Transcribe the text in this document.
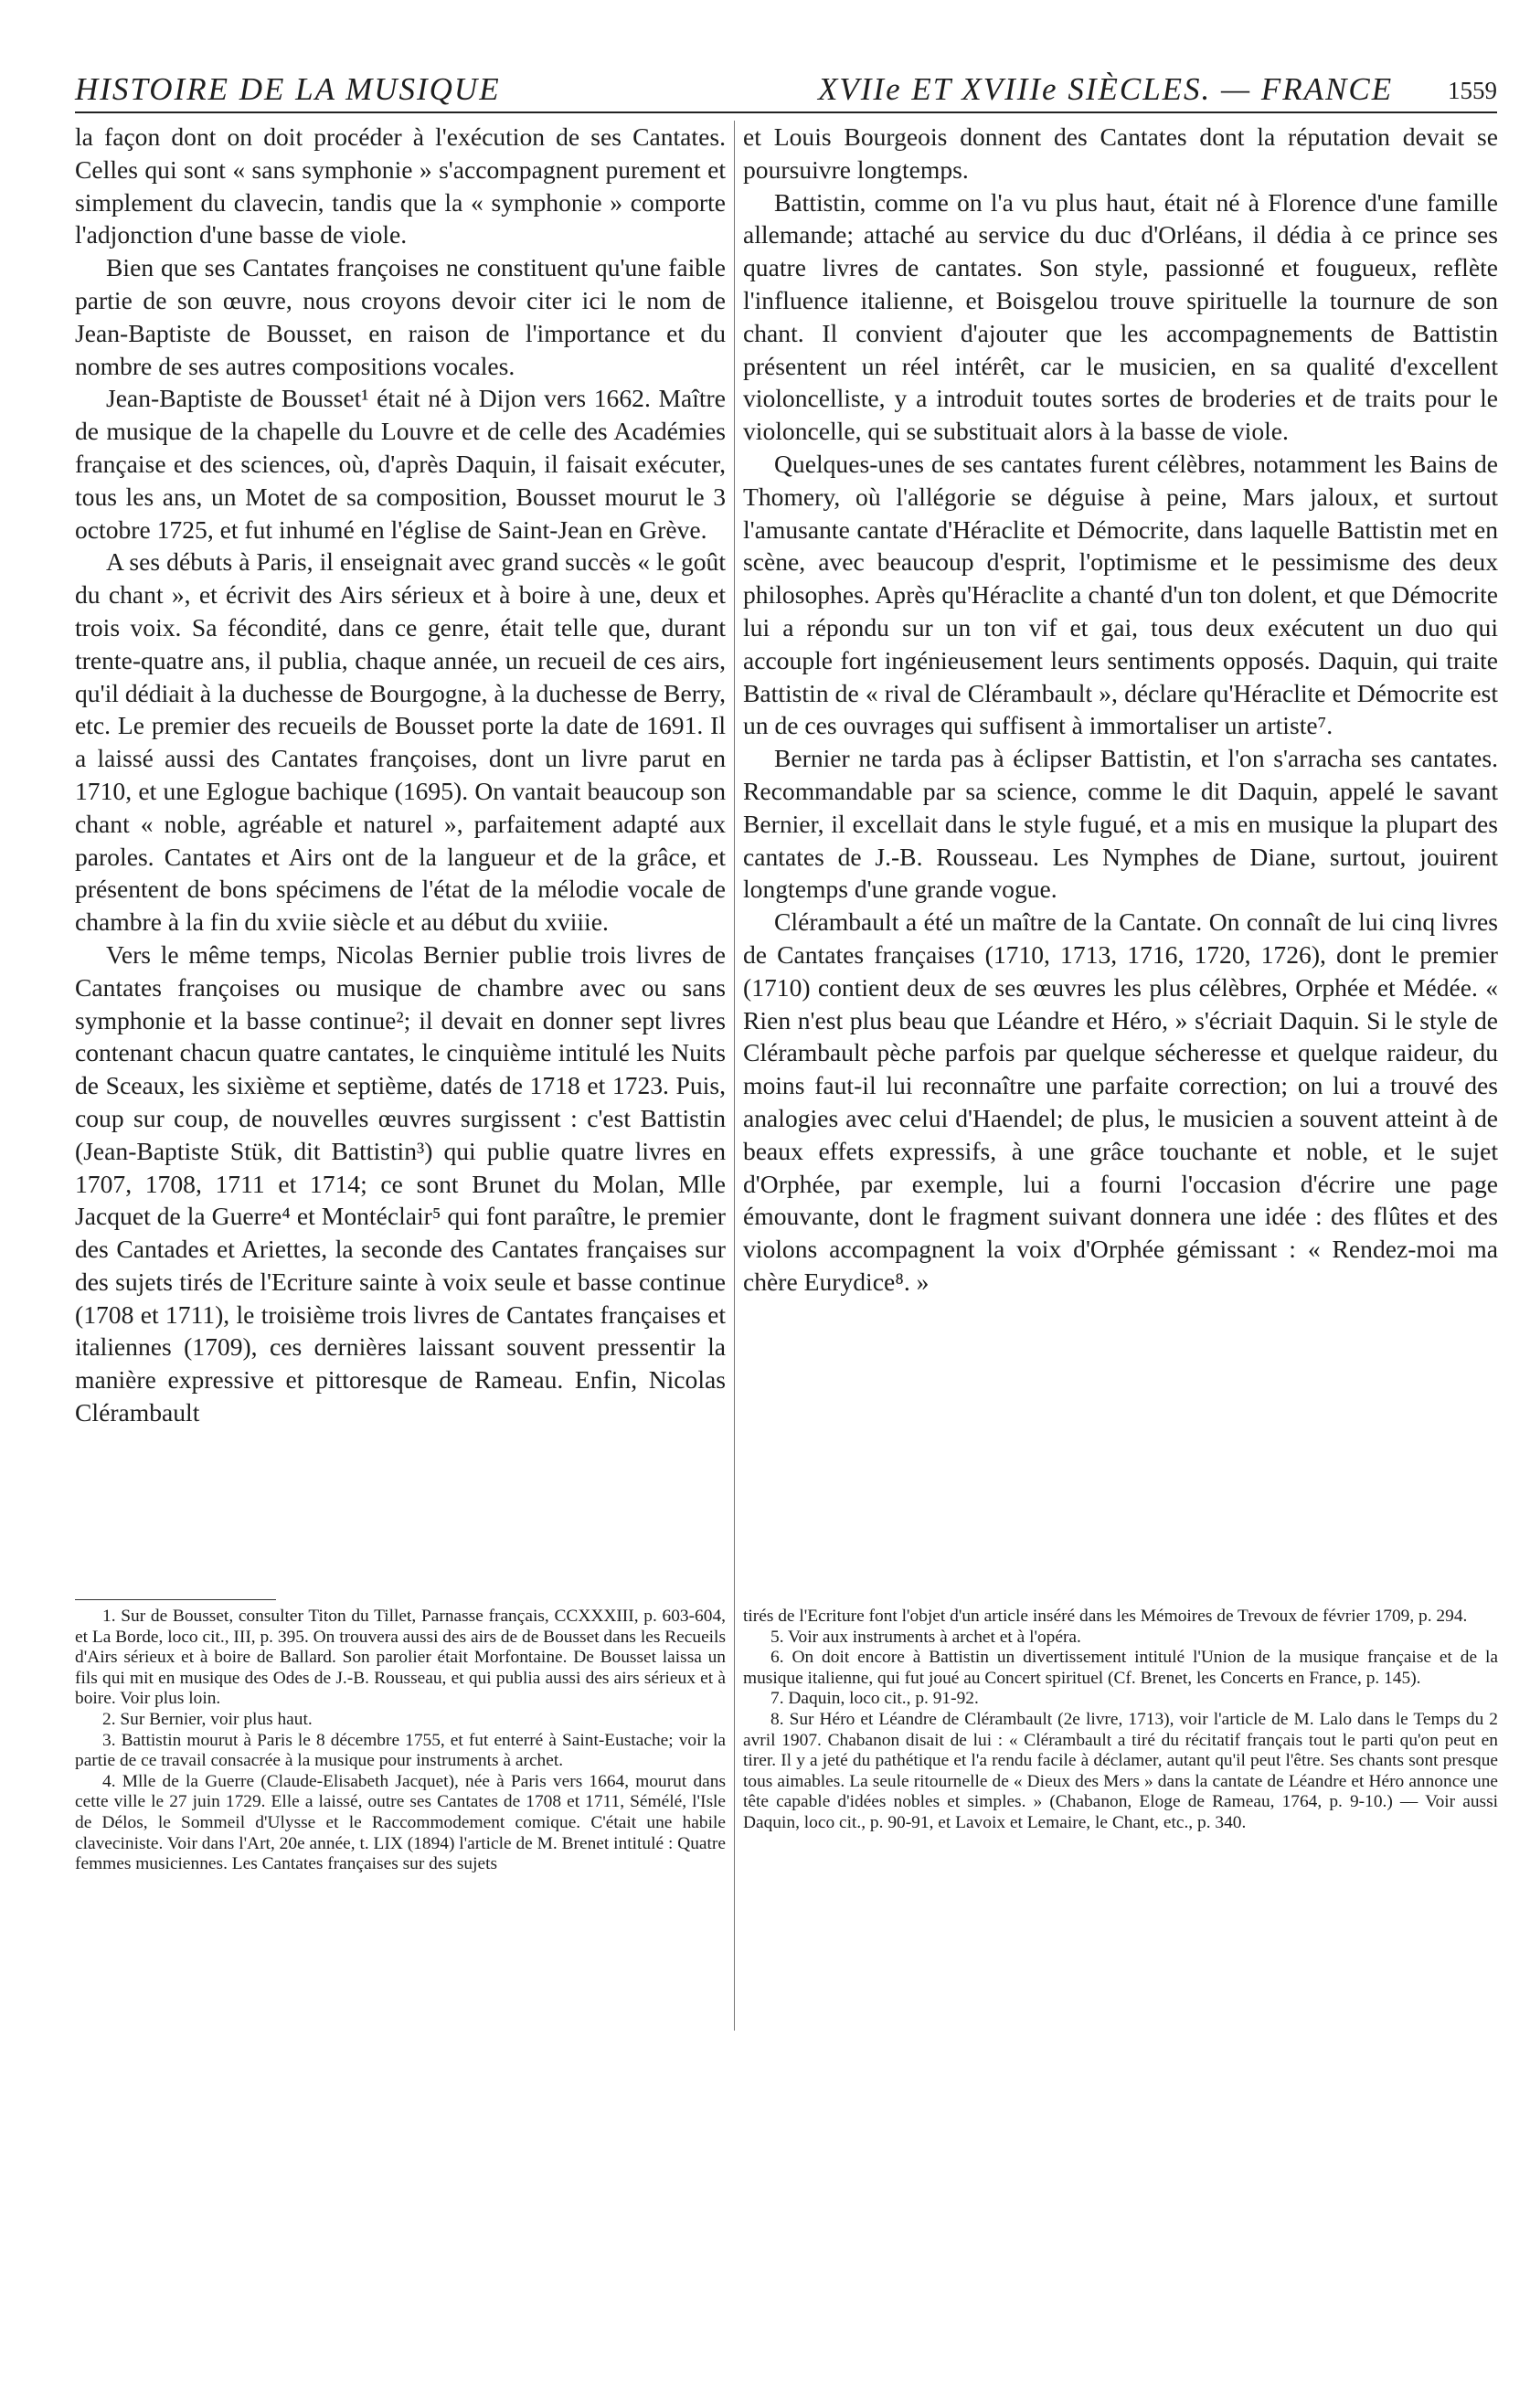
HISTOIRE DE LA MUSIQUE	XVIIe ET XVIIIe SIÈCLES. — FRANCE 1559

la façon dont on doit procéder à l'exécution de ses Cantates. Celles qui sont « sans symphonie » s'accompagnent purement et simplement du clavecin, tandis que la « symphonie » comporte l'adjonction d'une basse de viole.

Bien que ses Cantates françoises ne constituent qu'une faible partie de son œuvre, nous croyons devoir citer ici le nom de Jean-Baptiste de Bousset, en raison de l'importance et du nombre de ses autres compositions vocales.

Jean-Baptiste de Bousset¹ était né à Dijon vers 1662. Maître de musique de la chapelle du Louvre et de celle des Académies française et des sciences, où, d'après Daquin, il faisait exécuter, tous les ans, un Motet de sa composition, Bousset mourut le 3 octobre 1725, et fut inhumé en l'église de Saint-Jean en Grève.

A ses débuts à Paris, il enseignait avec grand succès « le goût du chant », et écrivit des Airs sérieux et à boire à une, deux et trois voix. Sa fécondité, dans ce genre, était telle que, durant trente-quatre ans, il publia, chaque année, un recueil de ces airs, qu'il dédiait à la duchesse de Bourgogne, à la duchesse de Berry, etc. Le premier des recueils de Bousset porte la date de 1691. Il a laissé aussi des Cantates françoises, dont un livre parut en 1710, et une Eglogue bachique (1695). On vantait beaucoup son chant « noble, agréable et naturel », parfaitement adapté aux paroles. Cantates et Airs ont de la langueur et de la grâce, et présentent de bons spécimens de l'état de la mélodie vocale de chambre à la fin du xviie siècle et au début du xviiie.

Vers le même temps, Nicolas Bernier publie trois livres de Cantates françoises ou musique de chambre avec ou sans symphonie et la basse continue²; il devait en donner sept livres contenant chacun quatre cantates, le cinquième intitulé les Nuits de Sceaux, les sixième et septième, datés de 1718 et 1723. Puis, coup sur coup, de nouvelles œuvres surgissent : c'est Battistin (Jean-Baptiste Stük, dit Battistin³) qui publie quatre livres en 1707, 1708, 1711 et 1714; ce sont Brunet du Molan, Mlle Jacquet de la Guerre⁴ et Montéclair⁵ qui font paraître, le premier des Cantades et Ariettes, la seconde des Cantates françaises sur des sujets tirés de l'Ecriture sainte à voix seule et basse continue (1708 et 1711), le troisième trois livres de Cantates françaises et italiennes (1709), ces dernières laissant souvent pressentir la manière expressive et pittoresque de Rameau. Enfin, Nicolas Clérambault

et Louis Bourgeois donnent des Cantates dont la réputation devait se poursuivre longtemps.

Battistin, comme on l'a vu plus haut, était né à Florence d'une famille allemande; attaché au service du duc d'Orléans, il dédia à ce prince ses quatre livres de cantates. Son style, passionné et fougueux, reflète l'influence italienne, et Boisgelou trouve spirituelle la tournure de son chant. Il convient d'ajouter que les accompagnements de Battistin présentent un réel intérêt, car le musicien, en sa qualité d'excellent violoncelliste, y a introduit toutes sortes de broderies et de traits pour le violoncelle, qui se substituait alors à la basse de viole.

Quelques-unes de ses cantates furent célèbres, notamment les Bains de Thomery, où l'allégorie se déguise à peine, Mars jaloux, et surtout l'amusante cantate d'Héraclite et Démocrite, dans laquelle Battistin met en scène, avec beaucoup d'esprit, l'optimisme et le pessimisme des deux philosophes. Après qu'Héraclite a chanté d'un ton dolent, et que Démocrite lui a répondu sur un ton vif et gai, tous deux exécutent un duo qui accouple fort ingénieusement leurs sentiments opposés. Daquin, qui traite Battistin de « rival de Clérambault », déclare qu'Héraclite et Démocrite est un de ces ouvrages qui suffisent à immortaliser un artiste⁷.

Bernier ne tarda pas à éclipser Battistin, et l'on s'arracha ses cantates. Recommandable par sa science, comme le dit Daquin, appelé le savant Bernier, il excellait dans le style fugué, et a mis en musique la plupart des cantates de J.-B. Rousseau. Les Nymphes de Diane, surtout, jouirent longtemps d'une grande vogue.

Clérambault a été un maître de la Cantate. On connaît de lui cinq livres de Cantates françaises (1710, 1713, 1716, 1720, 1726), dont le premier (1710) contient deux de ses œuvres les plus célèbres, Orphée et Médée. « Rien n'est plus beau que Léandre et Héro, » s'écriait Daquin. Si le style de Clérambault pèche parfois par quelque sécheresse et quelque raideur, du moins faut-il lui reconnaître une parfaite correction; on lui a trouvé des analogies avec celui d'Haendel; de plus, le musicien a souvent atteint à de beaux effets expressifs, à une grâce touchante et noble, et le sujet d'Orphée, par exemple, lui a fourni l'occasion d'écrire une page émouvante, dont le fragment suivant donnera une idée : des flûtes et des violons accompagnent la voix d'Orphée gémissant : « Rendez-moi ma chère Eurydice⁸. »

1. Sur de Bousset, consulter Titon du Tillet, Parnasse français, CCXXXIII, p. 603-604, et La Borde, loco cit., III, p. 395. On trouvera aussi des airs de de Bousset dans les Recueils d'Airs sérieux et à boire de Ballard. Son parolier était Morfontaine. De Bousset laissa un fils qui mit en musique des Odes de J.-B. Rousseau, et qui publia aussi des airs sérieux et à boire. Voir plus loin.

2. Sur Bernier, voir plus haut.

3. Battistin mourut à Paris le 8 décembre 1755, et fut enterré à Saint-Eustache; voir la partie de ce travail consacrée à la musique pour instruments à archet.

4. Mlle de la Guerre (Claude-Elisabeth Jacquet), née à Paris vers 1664, mourut dans cette ville le 27 juin 1729. Elle a laissé, outre ses Cantates de 1708 et 1711, Sémélé, l'Isle de Délos, le Sommeil d'Ulysse et le Raccommodement comique. C'était une habile claveciniste. Voir dans l'Art, 20e année, t. LIX (1894) l'article de M. Brenet intitulé : Quatre femmes musiciennes. Les Cantates françaises sur des sujets

tirés de l'Ecriture font l'objet d'un article inséré dans les Mémoires de Trevoux de février 1709, p. 294.

5. Voir aux instruments à archet et à l'opéra.

6. On doit encore à Battistin un divertissement intitulé l'Union de la musique française et de la musique italienne, qui fut joué au Concert spirituel (Cf. Brenet, les Concerts en France, p. 145).

7. Daquin, loco cit., p. 91-92.

8. Sur Héro et Léandre de Clérambault (2e livre, 1713), voir l'article de M. Lalo dans le Temps du 2 avril 1907. Chabanon disait de lui : « Clérambault a tiré du récitatif français tout le parti qu'on peut en tirer. Il y a jeté du pathétique et l'a rendu facile à déclamer, autant qu'il peut l'être. Ses chants sont presque tous aimables. La seule ritournelle de « Dieux des Mers » dans la cantate de Léandre et Héro annonce une tête capable d'idées nobles et simples. » (Chabanon, Eloge de Rameau, 1764, p. 9-10.) — Voir aussi Daquin, loco cit., p. 90-91, et Lavoix et Lemaire, le Chant, etc., p. 340.
